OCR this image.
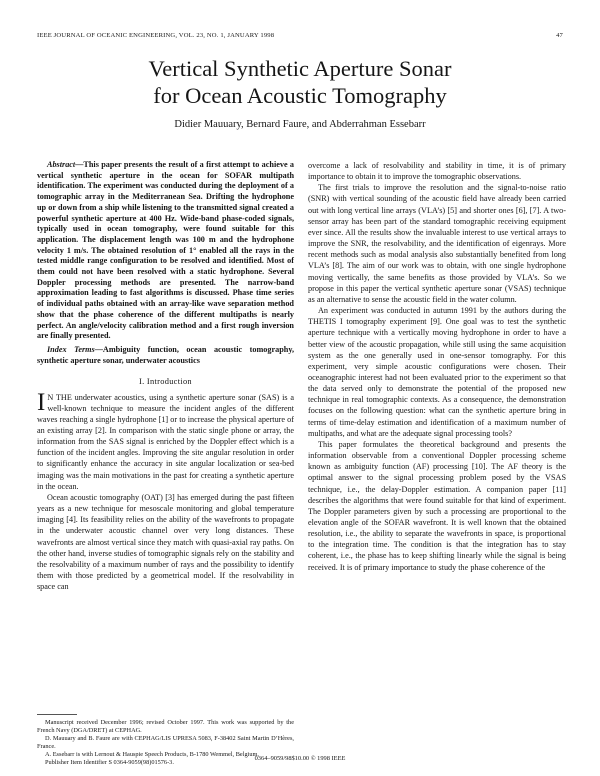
IEEE JOURNAL OF OCEANIC ENGINEERING, VOL. 23, NO. 1, JANUARY 1998	47
Vertical Synthetic Aperture Sonar
for Ocean Acoustic Tomography
Didier Mauuary, Bernard Faure, and Abderrahman Essebarr

Abstract—This paper presents the result of a first attempt to achieve a vertical synthetic aperture in the ocean for SOFAR multipath identification. The experiment was conducted during the deployment of a tomographic array in the Mediterranean Sea. Drifting the hydrophone up or down from a ship while listening to the transmitted signal created a powerful synthetic aperture at 400 Hz. Wide-band phase-coded signals, typically used in ocean tomography, were found suitable for this application. The displacement length was 100 m and the hydrophone velocity 1 m/s. The obtained resolution of 1° enabled all the rays in the tested middle range configuration to be resolved and identified. Most of them could not have been resolved with a static hydrophone. Several Doppler processing methods are presented. The narrow-band approximation leading to fast algorithms is discussed. Phase time series of individual paths obtained with an array-like wave separation method show that the phase coherence of the different multipaths is nearly perfect. An angle/velocity calibration method and a first rough inversion are finally presented.

Index Terms—Ambiguity function, ocean acoustic tomography, synthetic aperture sonar, underwater acoustics

I. Introduction

I N THE underwater acoustics, using a synthetic aperture sonar (SAS) is a well-known technique to measure the incident angles of the different waves reaching a single hydrophone [1] or to increase the physical aperture of an existing array [2]. In comparison with the static single phone or array, the information from the SAS signal is enriched by the Doppler effect which is a function of the incident angles. Improving the site angular resolution in order to significantly enhance the accuracy in site angular localization or sea-bed imaging was the main motivations in the past for creating a synthetic aperture in the ocean.

Ocean acoustic tomography (OAT) [3] has emerged during the past fifteen years as a new technique for mesoscale monitoring and global temperature imaging [4]. Its feasibility relies on the ability of the wavefronts to propagate in the underwater acoustic channel over very long distances. These wavefronts are almost vertical since they match with quasi-axial ray paths. On the other hand, inverse studies of tomographic signals rely on the stability and the resolvability of a maximum number of rays and the possibility to identify them with those predicted by a geometrical model. If the resolvability in space can

Manuscript received December 1996; revised October 1997. This work was supported by the French Navy (DGA/DRET) at CEPHAG.

D. Mauuary and B. Faure are with CEPHAG/LIS UPRESA 5083, F-38402 Saint Martin D’Hères, France.

A. Essebarr is with Lernout & Hauspie Speech Products, B-1780 Wemmel, Belgium.

Publisher Item Identifier S 0364-9059(98)01576-3.

overcome a lack of resolvability and stability in time, it is of primary importance to obtain it to improve the tomographic observations.

The first trials to improve the resolution and the signal-to-noise ratio (SNR) with vertical sounding of the acoustic field have already been carried out with long vertical line arrays (VLA’s) [5] and shorter ones [6], [7]. A two-sensor array has been part of the standard tomographic receiving equipment ever since. All the results show the invaluable interest to use vertical arrays to improve the SNR, the resolvability, and the identification of eigenrays. More recent methods such as modal analysis also substantially benefited from long VLA’s [8]. The aim of our work was to obtain, with one single hydrophone moving vertically, the same benefits as those provided by VLA’s. So we propose in this paper the vertical synthetic aperture sonar (VSAS) technique as an alternative to sense the acoustic field in the water column.

An experiment was conducted in autumn 1991 by the authors during the THETIS I tomography experiment [9]. One goal was to test the synthetic aperture technique with a vertically moving hydrophone in order to have a better view of the acoustic propagation, while still using the same acquisition system as the one generally used in one-sensor tomography. For this experiment, very simple acoustic configurations were chosen. Their oceanographic interest had not been evaluated prior to the experiment so that the data served only to demonstrate the potential of the proposed new technique in real tomographic contexts. As a consequence, the demonstration focuses on the following question: what can the synthetic aperture bring in terms of time-delay estimation and identification of a maximum number of multipaths, and what are the adequate signal processing tools?

This paper formulates the theoretical background and presents the information observable from a conventional Doppler processing scheme known as ambiguity function (AF) processing [10]. The AF theory is the optimal answer to the signal processing problem posed by the VSAS technique, i.e., the delay-Doppler estimation. A companion paper [11] describes the algorithms that were found suitable for that kind of experiment. The Doppler parameters given by such a processing are proportional to the elevation angle of the SOFAR wavefront. It is well known that the obtained resolution, i.e., the ability to separate the wavefronts in space, is proportional to the integration time. The condition is that the integration has to stay coherent, i.e., the phase has to keep shifting linearly while the signal is being received. It is of primary importance to study the phase coherence of the

0364–9059/98$10.00 © 1998 IEEE
